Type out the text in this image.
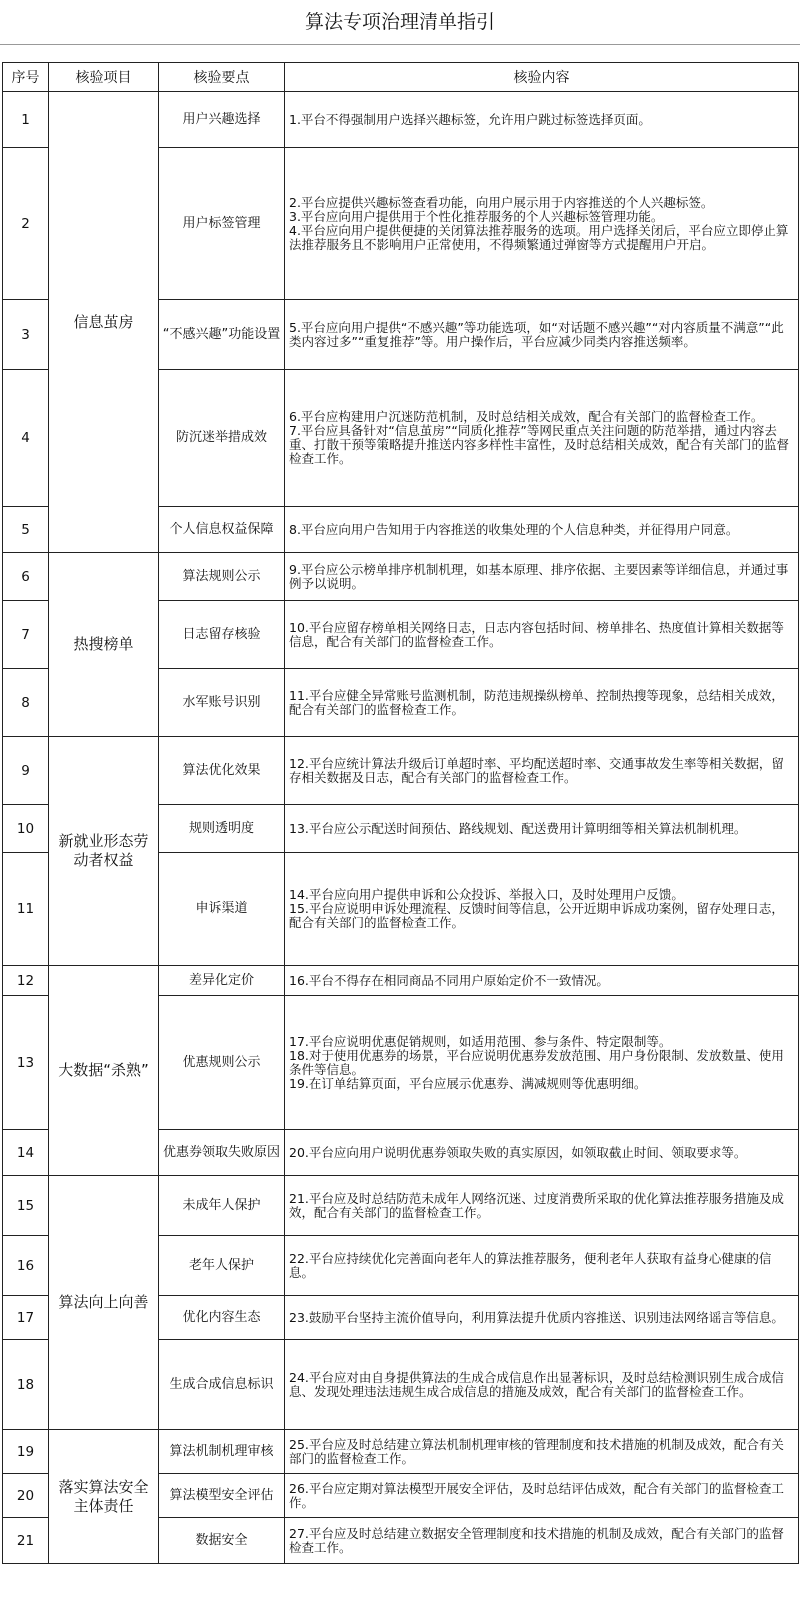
算法专项治理清单指引
序号	核验项目	核验要点	核验内容
1	信息茧房	用户兴趣选择	1.平台不得强制用户选择兴趣标签，允许用户跳过标签选择页面。

2		用户标签管理	2.平台应提供兴趣标签查看功能，向用户展示用于内容推送的个人兴趣标签。
3.平台应向用户提供用于个性化推荐服务的个人兴趣标签管理功能。
4.平台应向用户提供便捷的关闭算法推荐服务的选项。用户选择关闭后，平台应立即停止算法推荐服务且不影响用户正常使用，不得频繁通过弹窗等方式提醒用户开启。

3		“不感兴趣”功能设置	5.平台应向用户提供“不感兴趣”等功能选项，如“对话题不感兴趣”“对内容质量不满意”“此类内容过多”“重复推荐”等。用户操作后，平台应减少同类内容推送频率。

4		防沉迷举措成效	6.平台应构建用户沉迷防范机制，及时总结相关成效，配合有关部门的监督检查工作。
7.平台应具备针对“信息茧房”“同质化推荐”等网民重点关注问题的防范举措，通过内容去重、打散干预等策略提升推送内容多样性丰富性，及时总结相关成效，配合有关部门的监督检查工作。

5		个人信息权益保障	8.平台应向用户告知用于内容推送的收集处理的个人信息种类，并征得用户同意。

6	热搜榜单	算法规则公示	9.平台应公示榜单排序机制机理，如基本原理、排序依据、主要因素等详细信息，并通过事例予以说明。

7		日志留存核验	10.平台应留存榜单相关网络日志，日志内容包括时间、榜单排名、热度值计算相关数据等信息，配合有关部门的监督检查工作。

8		水军账号识别	11.平台应健全异常账号监测机制，防范违规操纵榜单、控制热搜等现象，总结相关成效，配合有关部门的监督检查工作。

9	新就业形态劳动者权益	算法优化效果	12.平台应统计算法升级后订单超时率、平均配送超时率、交通事故发生率等相关数据，留存相关数据及日志，配合有关部门的监督检查工作。

10		规则透明度	13.平台应公示配送时间预估、路线规划、配送费用计算明细等相关算法机制机理。

11		申诉渠道	14.平台应向用户提供申诉和公众投诉、举报入口，及时处理用户反馈。
15.平台应说明申诉处理流程、反馈时间等信息，公开近期申诉成功案例，留存处理日志，配合有关部门的监督检查工作。

12	大数据“杀熟”	差异化定价	16.平台不得存在相同商品不同用户原始定价不一致情况。

13		优惠规则公示	17.平台应说明优惠促销规则，如适用范围、参与条件、特定限制等。
18.对于使用优惠券的场景，平台应说明优惠券发放范围、用户身份限制、发放数量、使用条件等信息。
19.在订单结算页面，平台应展示优惠券、满减规则等优惠明细。

14		优惠券领取失败原因	20.平台应向用户说明优惠券领取失败的真实原因，如领取截止时间、领取要求等。

15	算法向上向善	未成年人保护	21.平台应及时总结防范未成年人网络沉迷、过度消费所采取的优化算法推荐服务措施及成效，配合有关部门的监督检查工作。

16		老年人保护	22.平台应持续优化完善面向老年人的算法推荐服务，便利老年人获取有益身心健康的信息。

17		优化内容生态	23.鼓励平台坚持主流价值导向，利用算法提升优质内容推送、识别违法网络谣言等信息。

18		生成合成信息标识	24.平台应对由自身提供算法的生成合成信息作出显著标识，及时总结检测识别生成合成信息、发现处理违法违规生成合成信息的措施及成效，配合有关部门的监督检查工作。

19	落实算法安全主体责任	算法机制机理审核	25.平台应及时总结建立算法机制机理审核的管理制度和技术措施的机制及成效，配合有关部门的监督检查工作。

20		算法模型安全评估	26.平台应定期对算法模型开展安全评估，及时总结评估成效，配合有关部门的监督检查工作。

21		数据安全	27.平台应及时总结建立数据安全管理制度和技术措施的机制及成效，配合有关部门的监督检查工作。
